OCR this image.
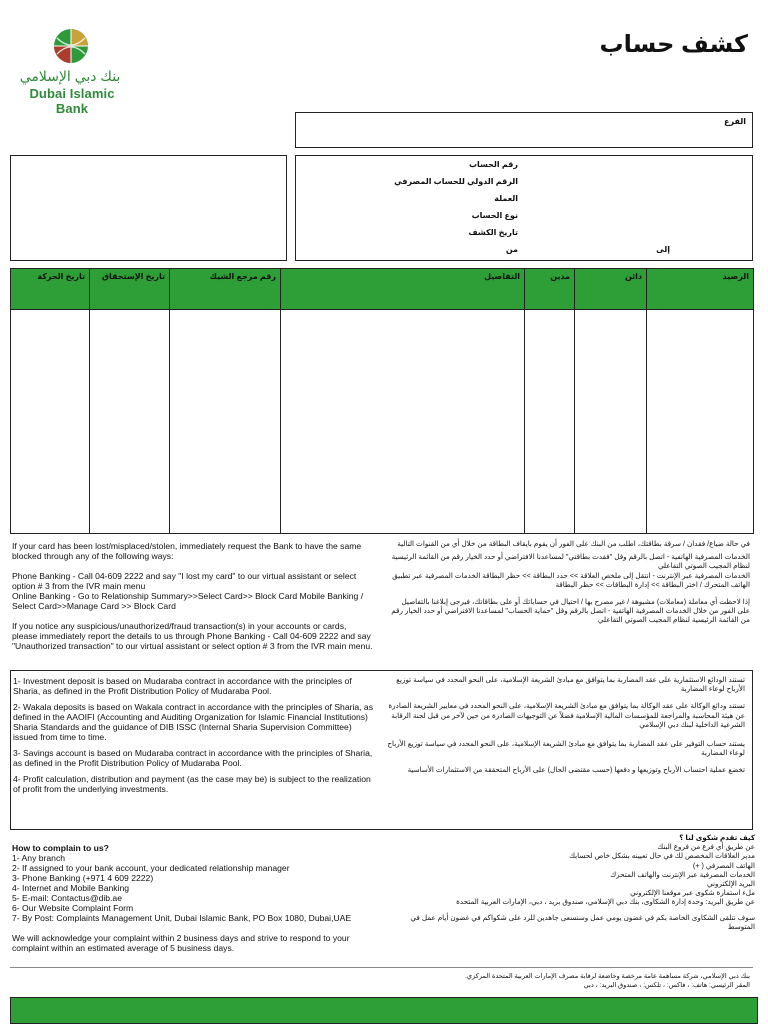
بنك دبي الإسلامي
Dubai Islamic Bank
كشف حساب
الفرع
رقم الحساب
الرقم الدولي للحساب المصرفي
العملة
نوع الحساب
تاريخ الكشف
من	إلى
تاريخ الحركة	تاريخ الإستحقاق	رقم مرجع الشيك	التفاصيل	مدين	دائن	الرصيد

If your card has been lost/misplaced/stolen, immediately request the Bank to have the same blocked through any of the following ways:
Phone Banking - Call 04-609 2222 and say "I lost my card" to our virtual assistant or select option # 3 from the IVR main menu
Online Banking - Go to Relationship Summary>>Select Card>> Block Card Mobile Banking / Select Card>>Manage Card >> Block Card
If you notice any suspicious/unauthorized/fraud transaction(s) in your accounts or cards, please immediately report the details to us through Phone Banking - Call 04-609 2222 and say "Unauthorized transaction" to our virtual assistant or select option # 3 from the IVR main menu.
في حالة ضياع/ فقدان / سرقة بطاقتك، اطلب من البنك على الفور أن يقوم بايقاف البطاقة من خلال أي من القنوات التالية
الخدمات المصرفية الهاتفية - اتصل بالرقم وقل "فقدت بطاقتي" لمساعدنا الافتراضي أو حدد الخيار رقم من القائمة الرئيسية لنظام المجيب الصوتي التفاعلي
الخدمات المصرفية عبر الإنترنت - انتقل إلى ملخص العلاقة >> حدد البطاقة >> حظر البطاقة الخدمات المصرفية عبر تطبيق الهاتف المتحرك / اختر البطاقة >> إدارة البطاقات >> حظر البطاقة
إذا لاحظت أي معاملة (معاملات) مشبوهة / غير مصرح بها / احتيال في حساباتك أو على بطاقاتك، فيرجى إبلاغنا بالتفاصيل على الفور من خلال الخدمات المصرفية الهاتفية - اتصل بالرقم وقل "حماية الحساب" لمساعدنا الافتراضي أو حدد الخيار رقم من القائمة الرئيسية لنظام المجيب الصوتي التفاعلي
1- Investment deposit is based on Mudaraba contract in accordance with the principles of Sharia, as defined in the Profit Distribution Policy of Mudaraba Pool.
2- Wakala deposits is based on Wakala contract in accordance with the principles of Sharia, as defined in the AAOIFI (Accounting and Auditing Organization for Islamic Financial Institutions) Sharia Standards and the guidance of DIB ISSC (Internal Sharia Supervision Committee) issued from time to time.
3- Savings account is based on Mudaraba contract in accordance with the principles of Sharia, as defined in the Profit Distribution Policy of Mudaraba Pool.
4- Profit calculation, distribution and payment (as the case may be) is subject to the realization of profit from the underlying investments.
تستند الودائع الاستثمارية على عقد المضاربة بما يتوافق مع مبادئ الشريعة الإسلامية، على النحو المحدد في سياسة توزيع الأرباح لوعاء المضاربة
تستند ودائع الوكالة على عقد الوكالة بما يتوافق مع مبادئ الشريعة الإسلامية، على النحو المحدد في معايير الشريعة الصادرة عن هيئة المحاسبة والمراجعة للمؤسسات المالية الإسلامية فضلاً عن التوجيهات الصادرة من حين لآخر من قبل لجنة الرقابة الشرعية الداخلية لبنك دبي الإسلامي
يستند حساب التوفير على عقد المضاربة بما يتوافق مع مبادئ الشريعة الإسلامية، على النحو المحدد في سياسة توزيع الأرباح لوعاء المضاربة
تخضع عملية احتساب الأرباح وتوزيعها و دفعها (حسب مقتضى الحال) على الأرباح المتحققة من الاستثمارات الأساسية
How to complain to us?
1- Any branch
2- If assigned to your bank account, your dedicated relationship manager
3- Phone Banking (+971 4 609 2222)
4- Internet and Mobile Banking
5- E-mail: Contactus@dib.ae
6- Our Website Complaint Form
7- By Post: Complaints Management Unit, Dubai Islamic Bank, PO Box 1080, Dubai,UAE
We will acknowledge your complaint within 2 business days and strive to respond to your complaint within an estimated average of 5 business days.
كيف تقدم شكوى لنا ؟
عن طريق أي فرع من فروع البنك
مدير العلاقات المخصص لك في حال تعيينه بشكل خاص لحسابك
الهاتف المصرفي ( +)
الخدمات المصرفية عبر الإنترنت والهاتف المتحرك
البريد الإلكتروني
ملء استمارة شكوى عبر موقعنا الإلكتروني
عن طريق البريد: وحدة إدارة الشكاوى، بنك دبي الإسلامي، صندوق بريد ، دبي، الإمارات العربية المتحدة
سوف نتلقى الشكاوى الخاصة بكم في غضون يومي عمل وسنسعى جاهدين للرد على شكواكم في غضون أيام عمل في المتوسط
بنك دبي الإسلامي، شركة مساهمة عامة مرخصة وخاضعة لرقابة مصرف الإمارات العربية المتحدة المركزي.
المقر الرئيسي: هاتف: ، فاكس: ، تلكس: ، صندوق البريد: ، دبي
